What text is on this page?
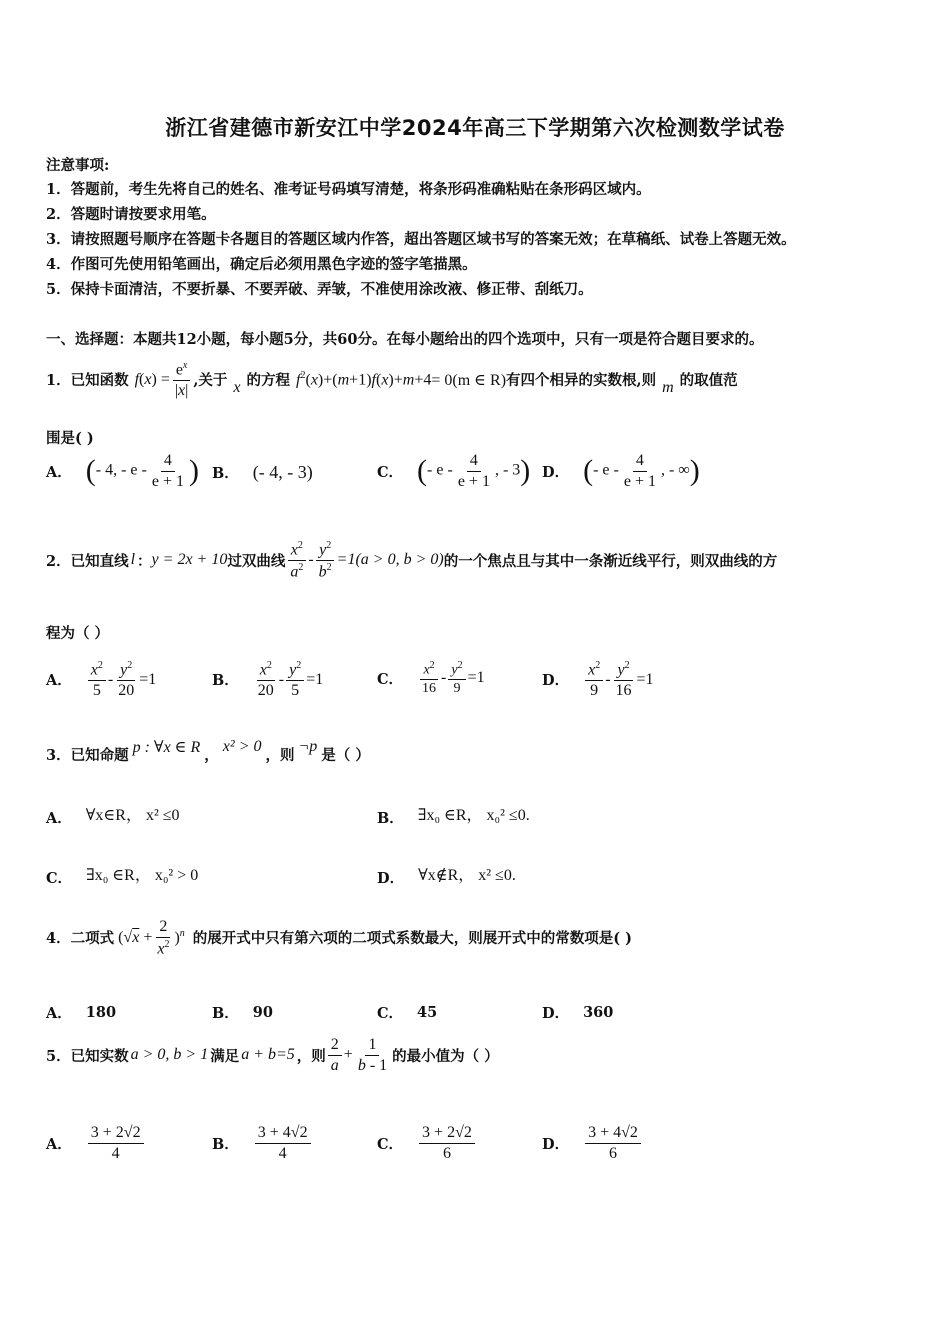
浙江省建德市新安江中学2024年高三下学期第六次检测数学试卷
注意事项:
1．答题前，考生先将自己的姓名、准考证号码填写清楚，将条形码准确粘贴在条形码区域内。
2．答题时请按要求用笔。
3．请按照题号顺序在答题卡各题目的答题区域内作答，超出答题区域书写的答案无效；在草稿纸、试卷上答题无效。
4．作图可先使用铅笔画出，确定后必须用黑色字迹的签字笔描黑。
5．保持卡面清洁，不要折暴、不要弄破、弄皱，不准使用涂改液、修正带、刮纸刀。
一、选择题：本题共12小题，每小题5分，共60分。在每小题给出的四个选项中，只有一项是符合题目要求的。
1．已知函数 f ( x ) = $\frac{e^x}{|x|}$ ,关于 x 的方程 $f^2(x)+(m+1)f(x)+m+4 = 0(m$ ∈ R) 有四个相异的实数根,则 m 的取值范
围是( )
A． (- 4, - e - $\frac{4}{e + 1}$ ) B． (- 4, - 3)	C． (- e - $\frac{4}{e + 1}$ , - 3) D． (- e - $\frac{4}{e + 1}$ , - ∞)
2．已知直线 l ： y = 2x + 10 过双曲线 $\frac{x^2}{a^2} - \frac{y^2}{b^2} =1(a > 0$, b > 0) 的一个焦点且与其中一条渐近线平行，则双曲线的方
程为（ ）
A． $\frac{x^2}{5} - \frac{y^2}{20} =1$	B． $\frac{x^2}{20} - \frac{y^2}{5} =1$	C． $\frac{x^2}{16} - \frac{y^2}{9} =1$	D． $\frac{x^2}{9} - \frac{y^2}{16} =1$
3．已知命题 p : ∀x ∈ R ，
x² > 0
，则
¬p
是（ ）
A． ∀x∈R， x² ≤0	B． ∃x₀ ∈R， x₀² ≤0.
C． ∃x₀ ∈R， x₀² > 0	D． ∀x∉R， x² ≤0.
4．二项式 $(√x + \frac{2}{x^2} )^n$ 的展开式中只有第六项的二项式系数最大，则展开式中的常数项是( )
A． 180	B． 90	C． 45	D． 360
5．已知实数 a > 0, b > 1 满足 a + b=5 ，则 $\frac{2}{a} + \frac{1}{b - 1}$ 的最小值为（ ）
A． $\frac{3 + 2√2}{4}$	B． $\frac{3 + 4√2}{4}$	C． $\frac{3 + 2√2}{6}$	D． $\frac{3 + 4√2}{6}$
